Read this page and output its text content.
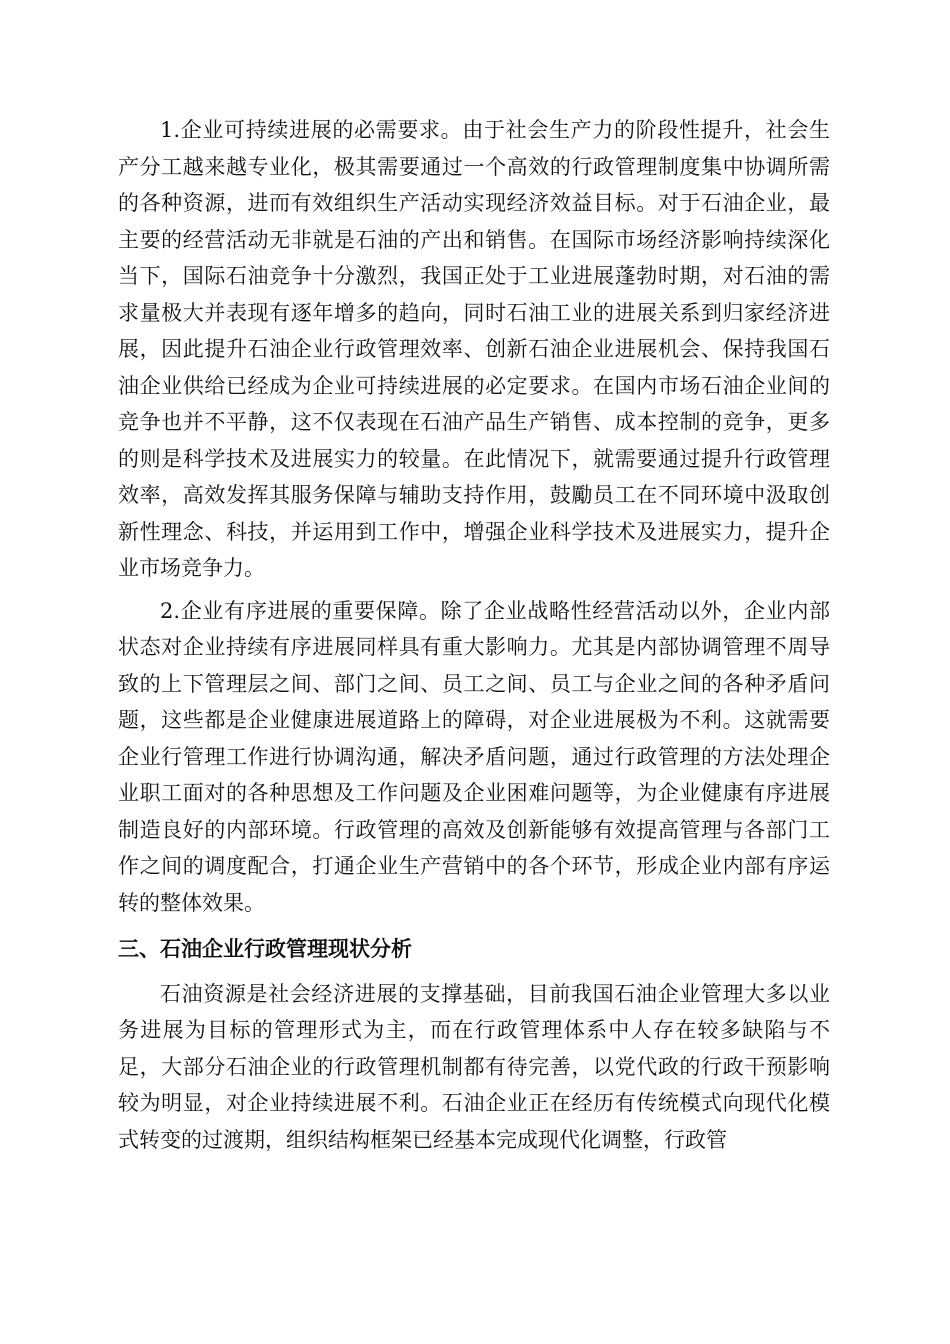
1.企业可持续进展的必需要求。由于社会生产力的阶段性提升，社会生产分工越来越专业化，极其需要通过一个高效的行政管理制度集中协调所需的各种资源，进而有效组织生产活动实现经济效益目标。对于石油企业，最主要的经营活动无非就是石油的产出和销售。在国际市场经济影响持续深化当下，国际石油竞争十分激烈，我国正处于工业进展蓬勃时期，对石油的需求量极大并表现有逐年增多的趋向，同时石油工业的进展关系到归家经济进展，因此提升石油企业行政管理效率、创新石油企业进展机会、保持我国石油企业供给已经成为企业可持续进展的必定要求。在国内市场石油企业间的竞争也并不平静，这不仅表现在石油产品生产销售、成本控制的竞争，更多的则是科学技术及进展实力的较量。在此情况下，就需要通过提升行政管理效率，高效发挥其服务保障与辅助支持作用，鼓勵员工在不同环境中汲取创新性理念、科技，并运用到工作中，增强企业科学技术及进展实力，提升企业市场竞争力。

2.企业有序进展的重要保障。除了企业战略性经营活动以外，企业内部状态对企业持续有序进展同样具有重大影响力。尤其是内部协调管理不周导致的上下管理层之间、部门之间、员工之间、员工与企业之间的各种矛盾问题，这些都是企业健康进展道路上的障碍，对企业进展极为不利。这就需要企业行管理工作进行协调沟通，解决矛盾问题，通过行政管理的方法处理企业职工面对的各种思想及工作问题及企业困难问题等，为企业健康有序进展制造良好的内部环境。行政管理的高效及创新能够有效提高管理与各部门工作之间的调度配合，打通企业生产营销中的各个环节，形成企业内部有序运转的整体效果。

三、石油企业行政管理现状分析

石油资源是社会经济进展的支撑基础，目前我国石油企业管理大多以业务进展为目标的管理形式为主，而在行政管理体系中人存在较多缺陷与不足，大部分石油企业的行政管理机制都有待完善，以党代政的行政干预影响较为明显，对企业持续进展不利。石油企业正在经历有传统模式向现代化模式转变的过渡期，组织结构框架已经基本完成现代化调整，行政管
